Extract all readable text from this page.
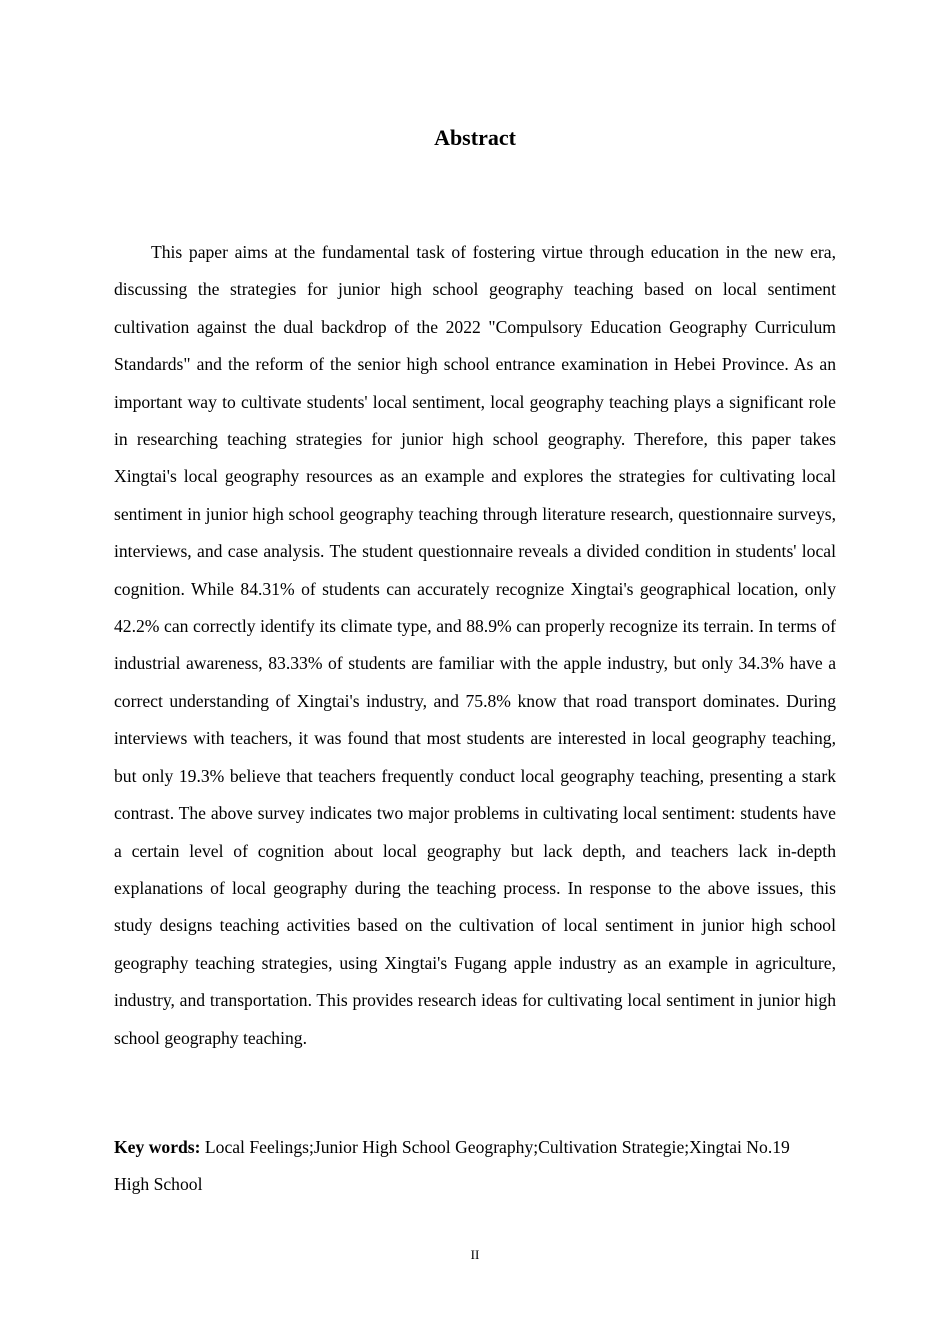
Abstract

This paper aims at the fundamental task of fostering virtue through education in the new era, discussing the strategies for junior high school geography teaching based on local sentiment cultivation against the dual backdrop of the 2022 "Compulsory Education Geography Curriculum Standards" and the reform of the senior high school entrance examination in Hebei Province. As an important way to cultivate students' local sentiment, local geography teaching plays a significant role in researching teaching strategies for junior high school geography. Therefore, this paper takes Xingtai's local geography resources as an example and explores the strategies for cultivating local sentiment in junior high school geography teaching through literature research, questionnaire surveys, interviews, and case analysis. The student questionnaire reveals a divided condition in students' local cognition. While 84.31% of students can accurately recognize Xingtai's geographical location, only 42.2% can correctly identify its climate type, and 88.9% can properly recognize its terrain. In terms of industrial awareness, 83.33% of students are familiar with the apple industry, but only 34.3% have a correct understanding of Xingtai's industry, and 75.8% know that road transport dominates. During interviews with teachers, it was found that most students are interested in local geography teaching, but only 19.3% believe that teachers frequently conduct local geography teaching, presenting a stark contrast. The above survey indicates two major problems in cultivating local sentiment: students have a certain level of cognition about local geography but lack depth, and teachers lack in-depth explanations of local geography during the teaching process. In response to the above issues, this study designs teaching activities based on the cultivation of local sentiment in junior high school geography teaching strategies, using Xingtai's Fugang apple industry as an example in agriculture, industry, and transportation. This provides research ideas for cultivating local sentiment in junior high school geography teaching.

Key words: Local Feelings;Junior High School Geography;Cultivation Strategie;Xingtai No.19 High School

II
